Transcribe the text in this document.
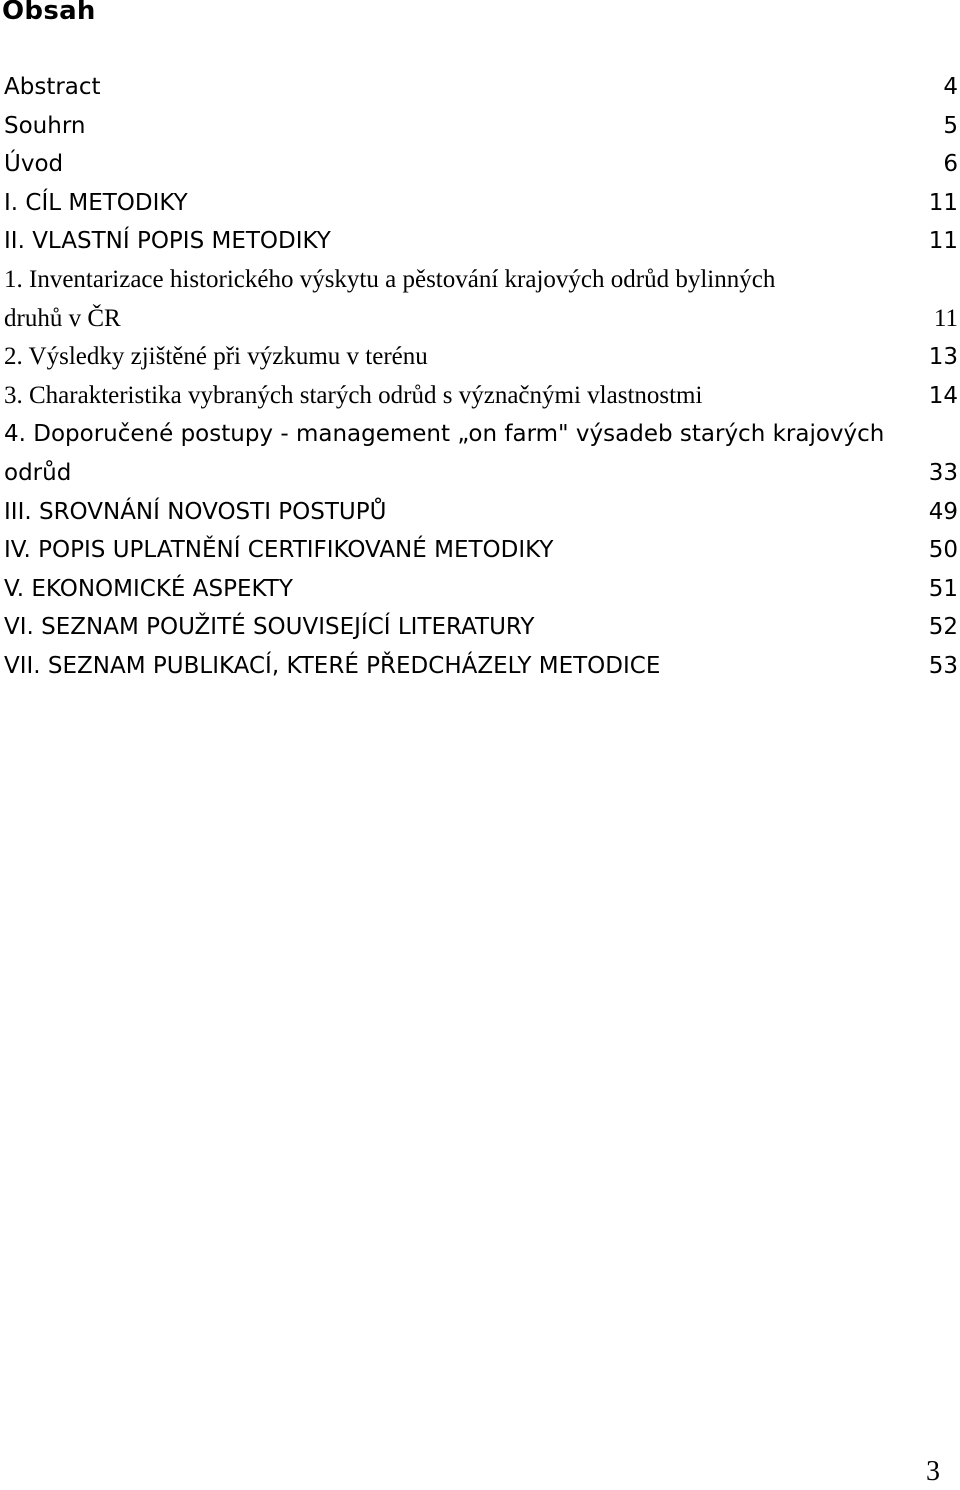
Obsah
Abstract	4
Souhrn	5
Úvod	6
I. CÍL METODIKY	11
II. VLASTNÍ POPIS METODIKY	11
1. Inventarizace historického výskytu a pěstování krajových odrůd bylinných
druhů v ČR	11
2. Výsledky zjištěné při výzkumu v terénu	13
3. Charakteristika vybraných starých odrůd s význačnými vlastnostmi	14
4. Doporučené postupy - management „on farm" výsadeb starých krajových
odrůd	33
III. SROVNÁNÍ NOVOSTI POSTUPŮ	49
IV. POPIS UPLATNĚNÍ CERTIFIKOVANÉ METODIKY	50
V. EKONOMICKÉ ASPEKTY	51
VI. SEZNAM POUŽITÉ SOUVISEJÍCÍ LITERATURY	52
VII. SEZNAM PUBLIKACÍ, KTERÉ PŘEDCHÁZELY METODICE	53
3
